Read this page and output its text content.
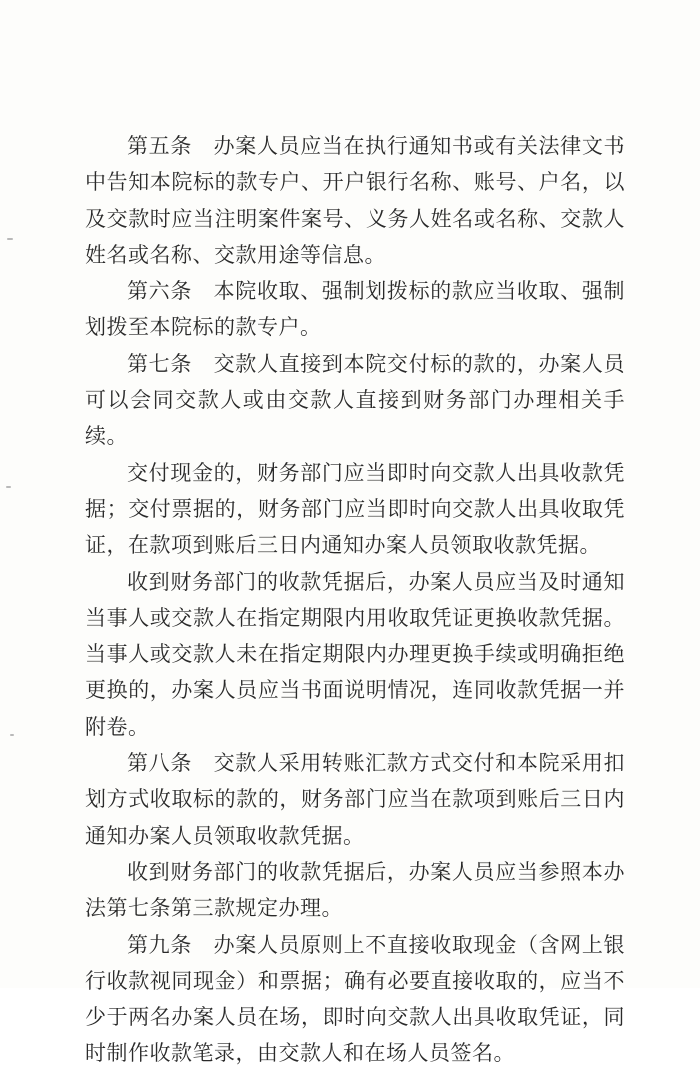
第五条　办案人员应当在执行通知书或有关法律文书中告知本院标的款专户、开户银行名称、账号、户名，以及交款时应当注明案件案号、义务人姓名或名称、交款人姓名或名称、交款用途等信息。

第六条　本院收取、强制划拨标的款应当收取、强制划拨至本院标的款专户。

第七条　交款人直接到本院交付标的款的，办案人员可以会同交款人或由交款人直接到财务部门办理相关手续。

交付现金的，财务部门应当即时向交款人出具收款凭据；交付票据的，财务部门应当即时向交款人出具收取凭证，在款项到账后三日内通知办案人员领取收款凭据。

收到财务部门的收款凭据后，办案人员应当及时通知当事人或交款人在指定期限内用收取凭证更换收款凭据。当事人或交款人未在指定期限内办理更换手续或明确拒绝更换的，办案人员应当书面说明情况，连同收款凭据一并附卷。

第八条　交款人采用转账汇款方式交付和本院采用扣划方式收取标的款的，财务部门应当在款项到账后三日内通知办案人员领取收款凭据。

收到财务部门的收款凭据后，办案人员应当参照本办法第七条第三款规定办理。

第九条　办案人员原则上不直接收取现金（含网上银行收款视同现金）和票据；确有必要直接收取的，应当不少于两名办案人员在场，即时向交款人出具收取凭证，同时制作收款笔录，由交款人和在场人员签名。
